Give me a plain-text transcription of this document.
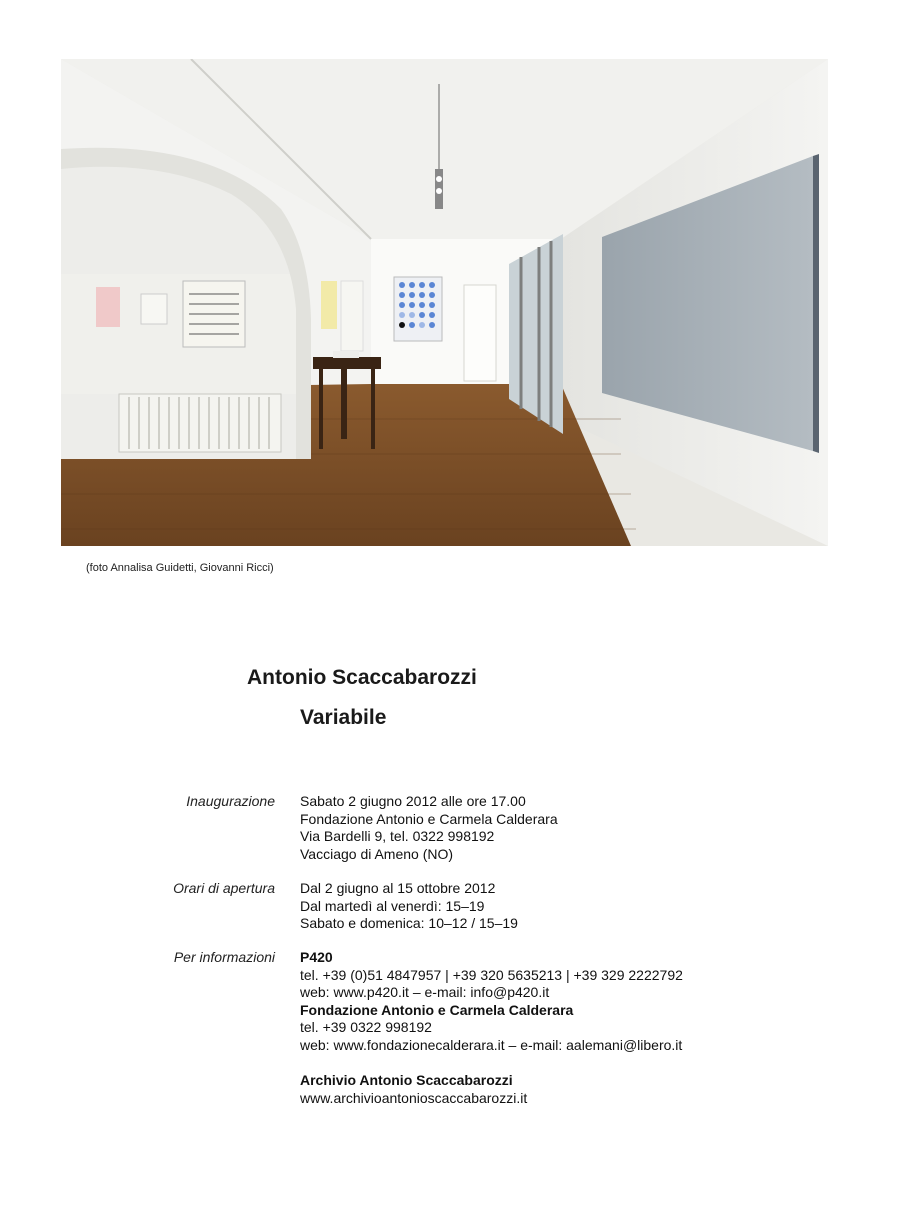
(foto Annalisa Guidetti, Giovanni Ricci)
Antonio Scaccabarozzi
Variabile
Inaugurazione Sabato 2 giugno 2012 alle ore 17.00
Fondazione Antonio e Carmela Calderara
Via Bardelli 9, tel. 0322 998192
Vacciago di Ameno (NO)
Orari di apertura Dal 2 giugno al 15 ottobre 2012
Dal martedì al venerdì: 15–19
Sabato e domenica: 10–12 / 15–19
Per informazioni P420
tel. +39 (0)51 4847957 | +39 320 5635213 | +39 329 2222792
web: www.p420.it – e-mail: info@p420.it
Fondazione Antonio e Carmela Calderara
tel. +39 0322 998192
web: www.fondazionecalderara.it – e-mail: aalemani@libero.it
Archivio Antonio Scaccabarozzi
www.archivioantonioscaccabarozzi.it
